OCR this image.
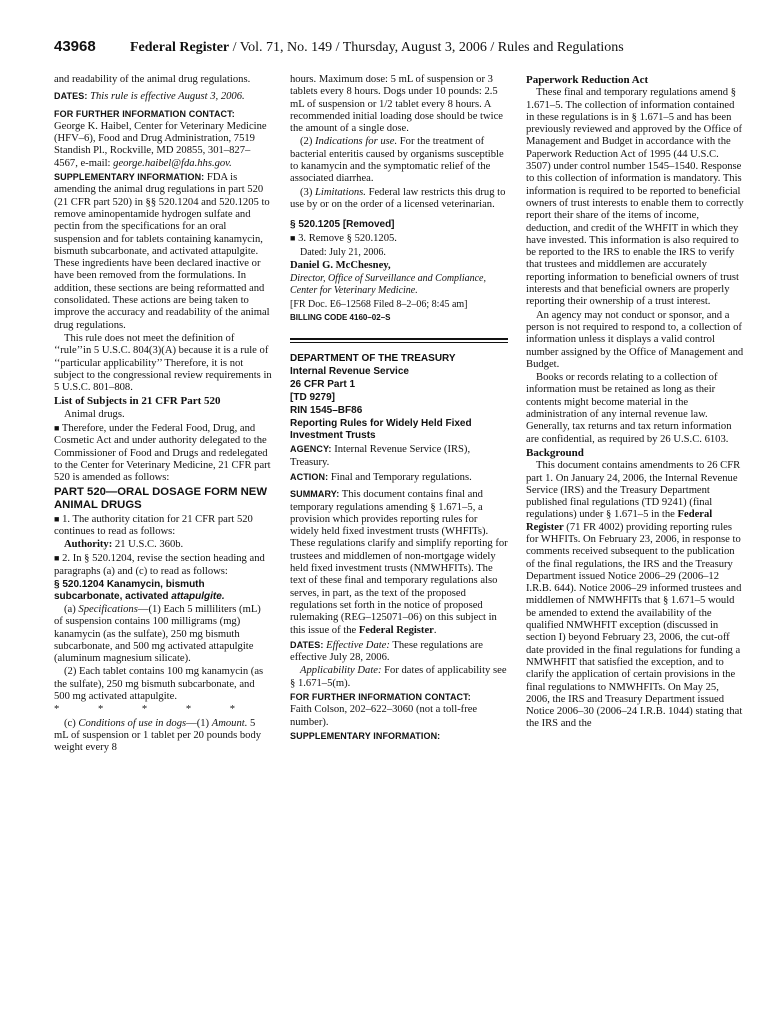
43968	Federal Register / Vol. 71, No. 149 / Thursday, August 3, 2006 / Rules and Regulations

and readability of the animal drug regulations.

DATES: This rule is effective August 3, 2006.

FOR FURTHER INFORMATION CONTACT:
George K. Haibel, Center for Veterinary Medicine (HFV–6), Food and Drug Administration, 7519 Standish Pl., Rockville, MD 20855, 301–827–4567, e-mail: george.haibel@fda.hhs.gov.

SUPPLEMENTARY INFORMATION: FDA is amending the animal drug regulations in part 520 (21 CFR part 520) in §§ 520.1204 and 520.1205 to remove aminopentamide hydrogen sulfate and pectin from the specifications for an oral suspension and for tablets containing kanamycin, bismuth subcarbonate, and activated attapulgite. These ingredients have been declared inactive or have been removed from the formulations. In addition, these sections are being reformatted and consolidated. These actions are being taken to improve the accuracy and readability of the animal drug regulations.

This rule does not meet the definition of ‘‘rule’’in 5 U.S.C. 804(3)(A) because it is a rule of ‘‘particular applicability’’ Therefore, it is not subject to the congressional review requirements in 5 U.S.C. 801–808.

List of Subjects in 21 CFR Part 520

Animal drugs.

■ Therefore, under the Federal Food, Drug, and Cosmetic Act and under authority delegated to the Commissioner of Food and Drugs and redelegated to the Center for Veterinary Medicine, 21 CFR part 520 is amended as follows:

PART 520—ORAL DOSAGE FORM NEW ANIMAL DRUGS

■ 1. The authority citation for 21 CFR part 520 continues to read as follows:

Authority: 21 U.S.C. 360b.

■ 2. In § 520.1204, revise the section heading and paragraphs (a) and (c) to read as follows:

§ 520.1204 Kanamycin, bismuth subcarbonate, activated attapulgite.

(a) Specifications—(1) Each 5 milliliters (mL) of suspension contains 100 milligrams (mg) kanamycin (as the sulfate), 250 mg bismuth subcarbonate, and 500 mg activated attapulgite (aluminum magnesium silicate).

(2) Each tablet contains 100 mg kanamycin (as the sulfate), 250 mg bismuth subcarbonate, and 500 mg activated attapulgite.

* * * * *

(c) Conditions of use in dogs—(1) Amount. 5 mL of suspension or 1 tablet per 20 pounds body weight every 8

hours. Maximum dose: 5 mL of suspension or 3 tablets every 8 hours. Dogs under 10 pounds: 2.5 mL of suspension or 1/2 tablet every 8 hours. A recommended initial loading dose should be twice the amount of a single dose.

(2) Indications for use. For the treatment of bacterial enteritis caused by organisms susceptible to kanamycin and the symptomatic relief of the associated diarrhea.

(3) Limitations. Federal law restricts this drug to use by or on the order of a licensed veterinarian.

§ 520.1205 [Removed]

■ 3. Remove § 520.1205.

Dated: July 21, 2006.

Daniel G. McChesney,

Director, Office of Surveillance and Compliance, Center for Veterinary Medicine.

[FR Doc. E6–12568 Filed 8–2–06; 8:45 am]

BILLING CODE 4160–02–S

DEPARTMENT OF THE TREASURY

Internal Revenue Service

26 CFR Part 1

[TD 9279]

RIN 1545–BF86

Reporting Rules for Widely Held Fixed Investment Trusts

AGENCY: Internal Revenue Service (IRS), Treasury.

ACTION: Final and Temporary regulations.

SUMMARY: This document contains final and temporary regulations amending § 1.671–5, a provision which provides reporting rules for widely held fixed investment trusts (WHFITs). These regulations clarify and simplify reporting for trustees and middlemen of non-mortgage widely held fixed investment trusts (NMWHFITs). The text of these final and temporary regulations also serves, in part, as the text of the proposed regulations set forth in the notice of proposed rulemaking (REG–125071–06) on this subject in this issue of the Federal Register.

DATES: Effective Date: These regulations are effective July 28, 2006.

Applicability Date: For dates of applicability see § 1.671–5(m).

FOR FURTHER INFORMATION CONTACT:
Faith Colson, 202–622–3060 (not a toll-free number).

SUPPLEMENTARY INFORMATION:

Paperwork Reduction Act

These final and temporary regulations amend § 1.671–5. The collection of information contained in these regulations is in § 1.671–5 and has been previously reviewed and approved by the Office of Management and Budget in accordance with the Paperwork Reduction Act of 1995 (44 U.S.C. 3507) under control number 1545–1540. Response to this collection of information is mandatory. This information is required to be reported to beneficial owners of trust interests to enable them to correctly report their share of the items of income, deduction, and credit of the WHFIT in which they have invested. This information is also required to be reported to the IRS to enable the IRS to verify that trustees and middlemen are accurately reporting information to beneficial owners of trust interests and that beneficial owners are properly reporting their ownership of a trust interest.

An agency may not conduct or sponsor, and a person is not required to respond to, a collection of information unless it displays a valid control number assigned by the Office of Management and Budget.

Books or records relating to a collection of information must be retained as long as their contents might become material in the administration of any internal revenue law. Generally, tax returns and tax return information are confidential, as required by 26 U.S.C. 6103.

Background

This document contains amendments to 26 CFR part 1. On January 24, 2006, the Internal Revenue Service (IRS) and the Treasury Department published final regulations (TD 9241) (final regulations) under § 1.671–5 in the Federal Register (71 FR 4002) providing reporting rules for WHFITs. On February 23, 2006, in response to comments received subsequent to the publication of the final regulations, the IRS and the Treasury Department issued Notice 2006–29 (2006–12 I.R.B. 644). Notice 2006–29 informed trustees and middlemen of NMWHFITs that § 1.671–5 would be amended to extend the availability of the qualified NMWHFIT exception (discussed in section I) beyond February 23, 2006, the cut-off date provided in the final regulations for funding a NMWHFIT that satisfied the exception, and to clarify the application of certain provisions in the final regulations to NMWHFITs. On May 25, 2006, the IRS and Treasury Department issued Notice 2006–30 (2006–24 I.R.B. 1044) stating that the IRS and the
